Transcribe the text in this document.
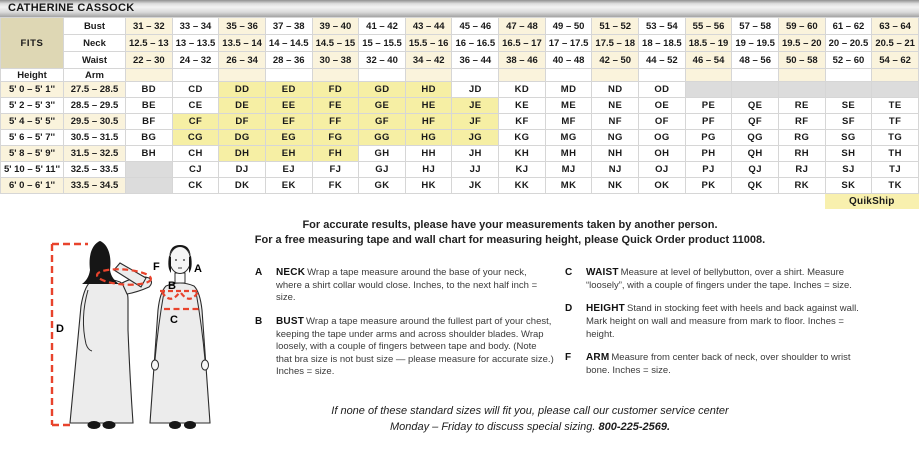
CATHERINE CASSOCK
FITS	Bust	31 – 32	33 – 34	35 – 36	37 – 38	39 – 40	41 – 42	43 – 44	45 – 46	47 – 48	49 – 50	51 – 52	53 – 54	55 – 56	57 – 58	59 – 60	61 – 62	63 – 64
	Neck	12.5 – 13	13 – 13.5	13.5 – 14	14 – 14.5	14.5 – 15	15 – 15.5	15.5 – 16	16 – 16.5	16.5 – 17	17 – 17.5	17.5 – 18	18 – 18.5	18.5 – 19	19 – 19.5	19.5 – 20	20 – 20.5	20.5 – 21
	Waist	22 – 30	24 – 32	26 – 34	28 – 36	30 – 38	32 – 40	34 – 42	36 – 44	38 – 46	40 – 48	42 – 50	44 – 52	46 – 54	48 – 56	50 – 58	52 – 60	54 – 62
Height	Arm																	
5' 0 – 5' 1''	27.5 – 28.5	BD	CD	DD	ED	FD	GD	HD	JD	KD	MD	ND	OD					
5' 2 – 5' 3''	28.5 – 29.5	BE	CE	DE	EE	FE	GE	HE	JE	KE	ME	NE	OE	PE	QE	RE	SE	TE
5' 4 – 5' 5''	29.5 – 30.5	BF	CF	DF	EF	FF	GF	HF	JF	KF	MF	NF	OF	PF	QF	RF	SF	TF
5' 6 – 5' 7''	30.5 – 31.5	BG	CG	DG	EG	FG	GG	HG	JG	KG	MG	NG	OG	PG	QG	RG	SG	TG
5' 8 – 5' 9''	31.5 – 32.5	BH	CH	DH	EH	FH	GH	HH	JH	KH	MH	NH	OH	PH	QH	RH	SH	TH
5' 10 – 5' 11''	32.5 – 33.5		CJ	DJ	EJ	FJ	GJ	HJ	JJ	KJ	MJ	NJ	OJ	PJ	QJ	RJ	SJ	TJ
6' 0 – 6' 1''	33.5 – 34.5		CK	DK	EK	FK	GK	HK	JK	KK	MK	NK	OK	PK	QK	RK	SK	TK
																	QuikShip	
For accurate results, please have your measurements taken by another person.
For a free measuring tape and wall chart for measuring height, please Quick Order product 11008.
D
F	A
B
C
A NECK Wrap a tape measure around the base of your neck, where a shirt collar would close. Inches, to the next half inch = size.
B BUST Wrap a tape measure around the fullest part of your chest, keeping the tape under arms and across shoulder blades. Wrap loosely, with a couple of fingers between tape and body. (Note that bra size is not bust size — please measure for accurate size.) Inches = size.
C WAIST Measure at level of bellybutton, over a shirt. Measure “loosely”, with a couple of fingers under the tape. Inches = size.
D HEIGHT Stand in stocking feet with heels and back against wall. Mark height on wall and measure from mark to floor. Inches = height.
F ARM Measure from center back of neck, over shoulder to wrist bone. Inches = size.
If none of these standard sizes will fit you, please call our customer service center
Monday – Friday to discuss special sizing. 800-225-2569.
